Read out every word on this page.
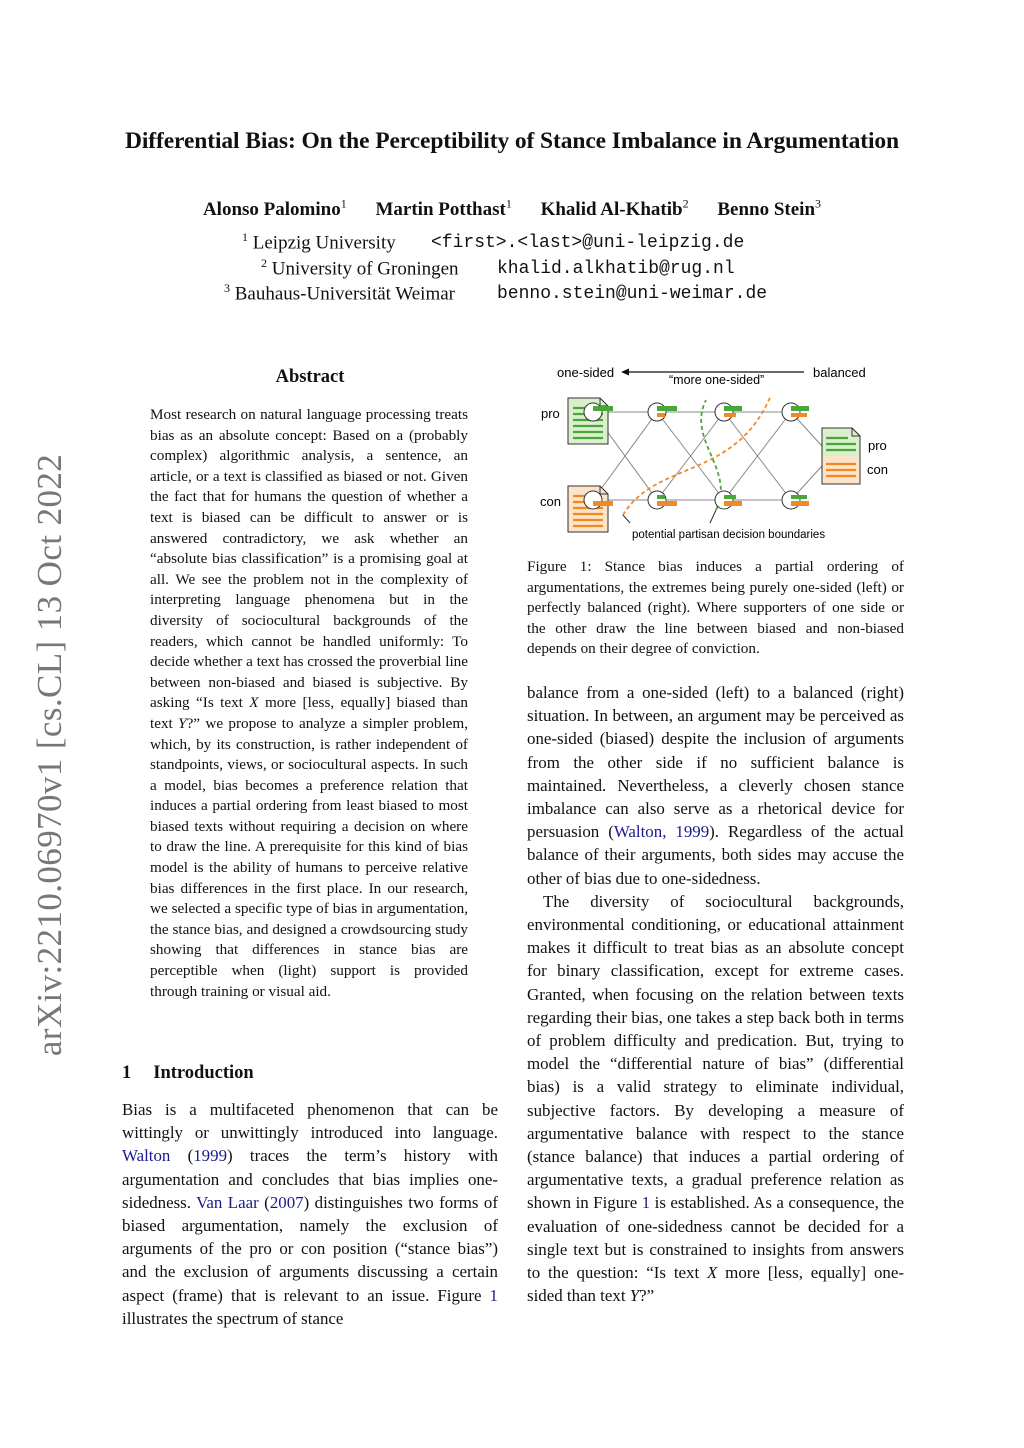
Differential Bias: On the Perceptibility of Stance Imbalance in Argumentation
Alonso Palomino$^1$ Martin Potthast$^1$ Khalid Al-Khatib$^2$ Benno Stein$^3$
$^1$ Leipzig University <first>.<last>@uni-leipzig.de
$^2$ University of Groningen khalid.alkhatib@rug.nl
$^3$ Bauhaus-Universität Weimar benno.stein@uni-weimar.de
arXiv:2210.06970v1 [cs.CL] 13 Oct 2022
Abstract
Most research on natural language processing treats bias as an absolute concept: Based on a (probably complex) algorithmic analysis, a sentence, an article, or a text is classified as biased or not. Given the fact that for humans the question of whether a text is biased can be difficult to answer or is answered contradictory, we ask whether an “absolute bias classification” is a promising goal at all. We see the problem not in the complexity of interpreting language phenomena but in the diversity of sociocultural backgrounds of the readers, which cannot be handled uniformly: To decide whether a text has crossed the proverbial line between non-biased and biased is subjective. By asking “Is text X more [less, equally] biased than text Y?” we propose to analyze a simpler problem, which, by its construction, is rather independent of standpoints, views, or sociocultural aspects. In such a model, bias becomes a preference relation that induces a partial ordering from least biased to most biased texts without requiring a decision on where to draw the line. A prerequisite for this kind of bias model is the ability of humans to perceive relative bias differences in the first place. In our research, we selected a specific type of bias in argumentation, the stance bias, and designed a crowdsourcing study showing that differences in stance bias are perceptible when (light) support is provided through training or visual aid.
1 Introduction
Bias is a multifaceted phenomenon that can be wittingly or unwittingly introduced into language. Walton (1999) traces the term’s history with argumentation and concludes that bias implies one-sidedness. Van Laar (2007) distinguishes two forms of biased argumentation, namely the exclusion of arguments of the pro or con position (“stance bias”) and the exclusion of arguments discussing a certain aspect (frame) that is relevant to an issue. Figure 1 illustrates the spectrum of stance
one-sided	“more one-sided”	balanced
pro
con
pro
con
potential partisan decision boundaries
Figure 1: Stance bias induces a partial ordering of argumentations, the extremes being purely one-sided (left) or perfectly balanced (right). Where supporters of one side or the other draw the line between biased and non-biased depends on their degree of conviction.

balance from a one-sided (left) to a balanced (right) situation. In between, an argument may be perceived as one-sided (biased) despite the inclusion of arguments from the other side if no sufficient balance is maintained. Nevertheless, a cleverly chosen stance imbalance can also serve as a rhetorical device for persuasion (Walton, 1999). Regardless of the actual balance of their arguments, both sides may accuse the other of bias due to one-sidedness.

The diversity of sociocultural backgrounds, environmental conditioning, or educational attainment makes it difficult to treat bias as an absolute concept for binary classification, except for extreme cases. Granted, when focusing on the relation between texts regarding their bias, one takes a step back both in terms of problem difficulty and predication. But, trying to model the “differential nature of bias” (differential bias) is a valid strategy to eliminate individual, subjective factors. By developing a measure of argumentative balance with respect to the stance (stance balance) that induces a partial ordering of argumentative texts, a gradual preference relation as shown in Figure 1 is established. As a consequence, the evaluation of one-sidedness cannot be decided for a single text but is constrained to insights from answers to the question: “Is text X more [less, equally] one-sided than text Y?”
